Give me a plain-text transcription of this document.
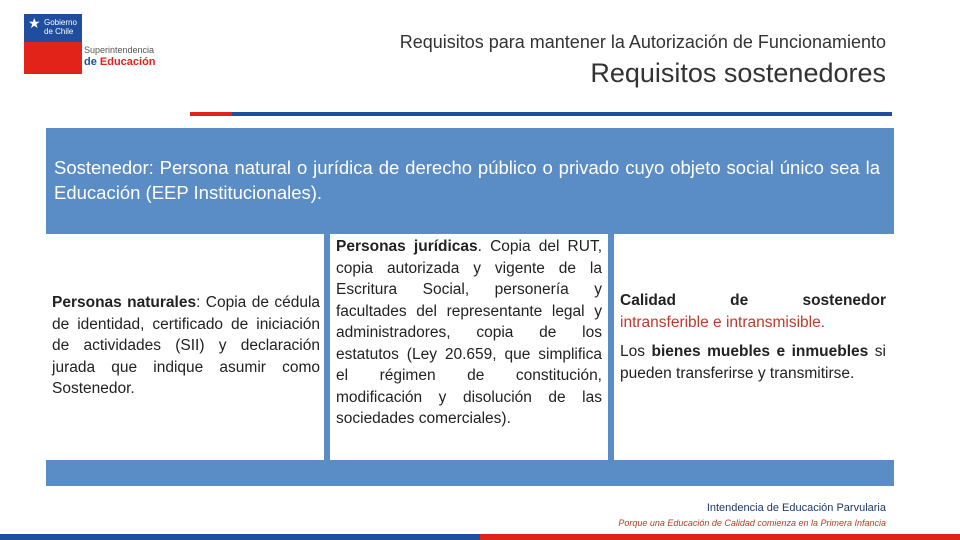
★ Gobierno de Chile
Superintendencia
de Educación
Requisitos para mantener la Autorización de Funcionamiento
Requisitos sostenedores
Sostenedor: Persona natural o jurídica de derecho público o privado cuyo objeto social único sea la Educación (EEP Institucionales).
Personas naturales: Copia de cédula de identidad, certificado de iniciación de actividades (SII) y declaración jurada que indique asumir como Sostenedor.
Personas jurídicas. Copia del RUT, copia autorizada y vigente de la Escritura Social, personería y facultades del representante legal y administradores, copia de los estatutos (Ley 20.659, que simplifica el régimen de constitución, modificación y disolución de las sociedades comerciales).
Calidad de sostenedor
intransferible e intransmisible.
Los bienes muebles e inmuebles si pueden transferirse y transmitirse.
Intendencia de Educación Parvularia
Porque una Educación de Calidad comienza en la Primera Infancia
